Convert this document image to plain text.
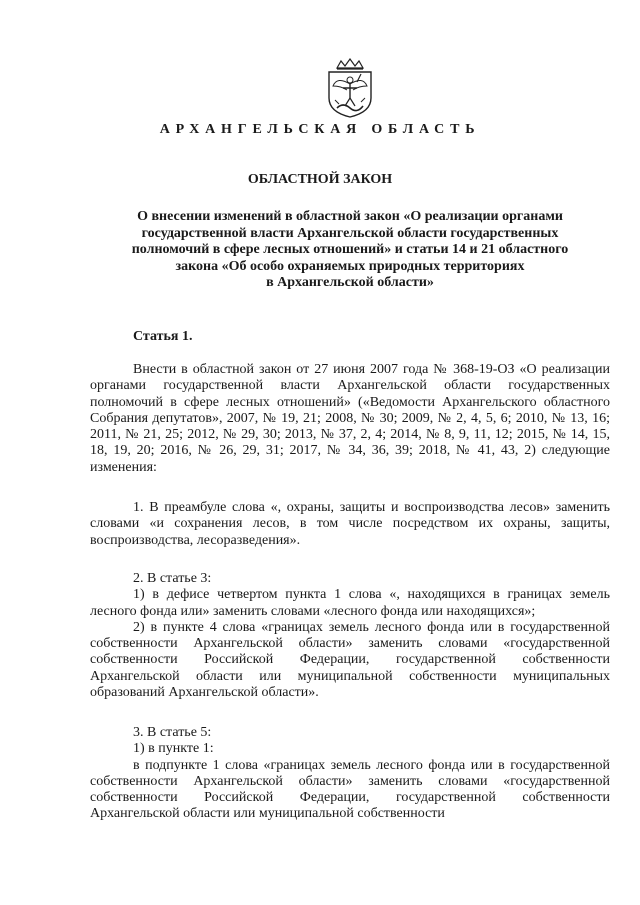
АРХАНГЕЛЬСКАЯ ОБЛАСТЬ
ОБЛАСТНОЙ ЗАКОН
О внесении изменений в областной закон «О реализации органами
государственной власти Архангельской области государственных
полномочий в сфере лесных отношений» и статьи 14 и 21 областного
закона «Об особо охраняемых природных территориях
в Архангельской области»
Статья 1.

Внести в областной закон от 27 июня 2007 года № 368-19-ОЗ «О реализации органами государственной власти Архангельской области государственных полномочий в сфере лесных отношений» («Ведомости Архангельского областного Собрания депутатов», 2007, № 19, 21; 2008, № 30; 2009, № 2, 4, 5, 6; 2010, № 13, 16; 2011, № 21, 25; 2012, № 29, 30; 2013, № 37, 2, 4; 2014, № 8, 9, 11, 12; 2015, № 14, 15, 18, 19, 20; 2016, № 26, 29, 31; 2017, № 34, 36, 39; 2018, № 41, 43, 2) следующие изменения:

1. В преамбуле слова «, охраны, защиты и воспроизводства лесов» заменить словами «и сохранения лесов, в том числе посредством их охраны, защиты, воспроизводства, лесоразведения».

2. В статье 3:

1) в дефисе четвертом пункта 1 слова «, находящихся в границах земель лесного фонда или» заменить словами «лесного фонда или находящихся»;

2) в пункте 4 слова «границах земель лесного фонда или в государственной собственности Архангельской области» заменить словами «государственной собственности Российской Федерации, государственной собственности Архангельской области или муниципальной собственности муниципальных образований Архангельской области».

3. В статье 5:

1) в пункте 1:

в подпункте 1 слова «границах земель лесного фонда или в государственной собственности Архангельской области» заменить словами «государственной собственности Российской Федерации, государственной собственности Архангельской области или муниципальной собственности
